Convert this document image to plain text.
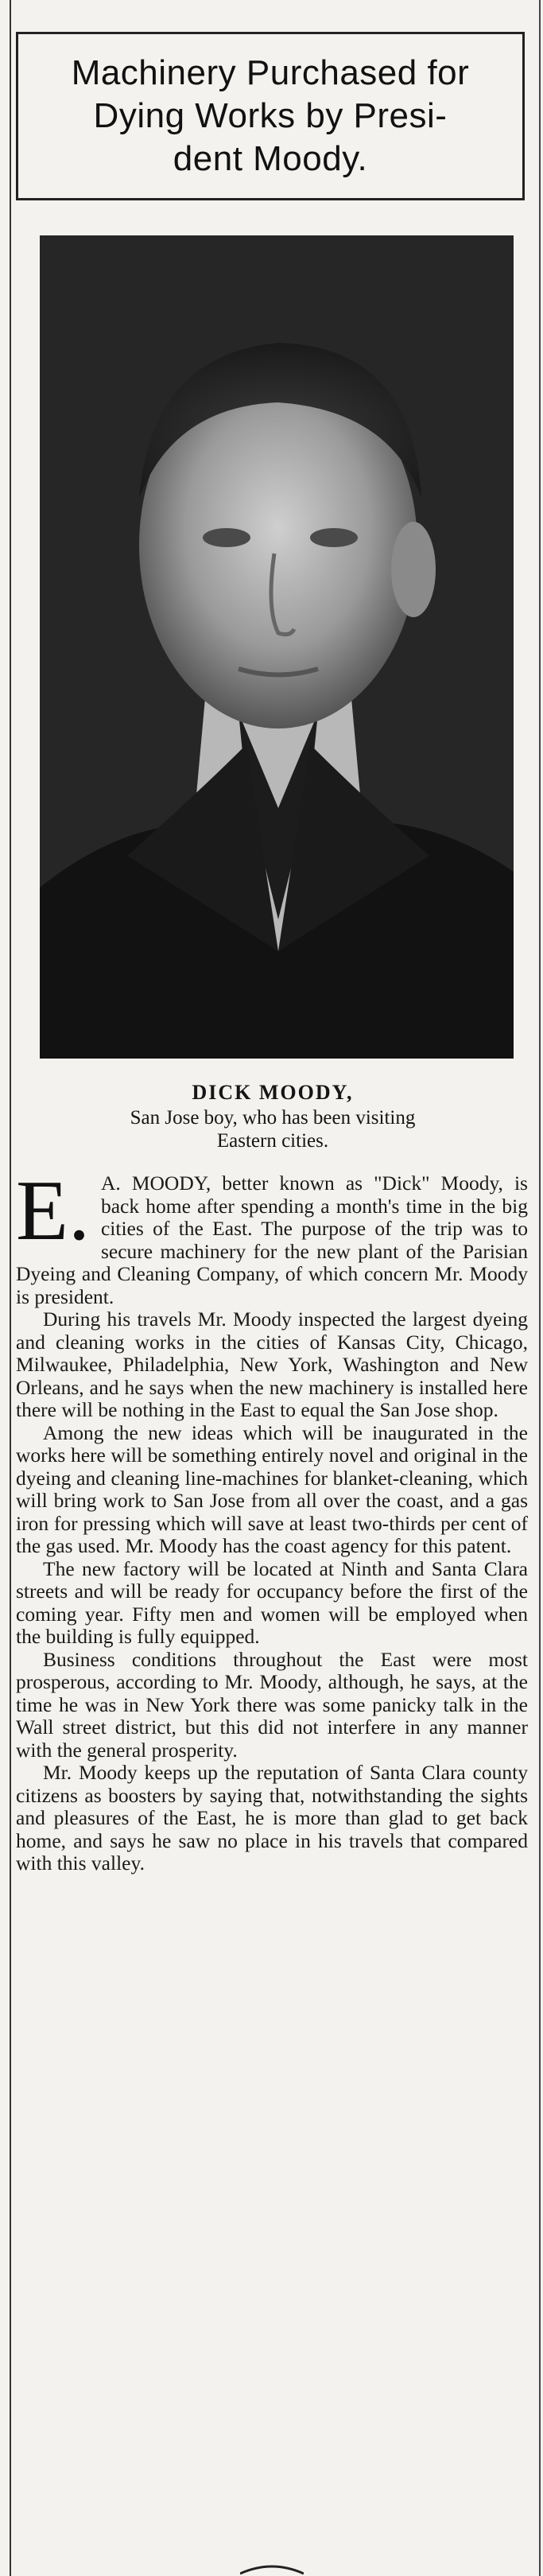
Machinery Purchased for
Dying Works by Presi-
dent Moody.
DICK MOODY,
San Jose boy, who has been visiting
Eastern cities.

E. A. MOODY, better known as "Dick" Moody, is back home after spending a month's time in the big cities of the East. The purpose of the trip was to secure machinery for the new plant of the Parisian Dyeing and Cleaning Company, of which concern Mr. Moody is president.

During his travels Mr. Moody inspected the largest dyeing and cleaning works in the cities of Kansas City, Chicago, Milwaukee, Philadelphia, New York, Washington and New Orleans, and he says when the new machinery is installed here there will be nothing in the East to equal the San Jose shop.

Among the new ideas which will be inaugurated in the works here will be something entirely novel and original in the dyeing and cleaning line-machines for blanket-cleaning, which will bring work to San Jose from all over the coast, and a gas iron for pressing which will save at least two-thirds per cent of the gas used. Mr. Moody has the coast agency for this patent.

The new factory will be located at Ninth and Santa Clara streets and will be ready for occupancy before the first of the coming year. Fifty men and women will be employed when the building is fully equipped.

Business conditions throughout the East were most prosperous, according to Mr. Moody, although, he says, at the time he was in New York there was some panicky talk in the Wall street district, but this did not interfere in any manner with the general prosperity.

Mr. Moody keeps up the reputation of Santa Clara county citizens as boosters by saying that, notwithstanding the sights and pleasures of the East, he is more than glad to get back home, and says he saw no place in his travels that compared with this valley.
